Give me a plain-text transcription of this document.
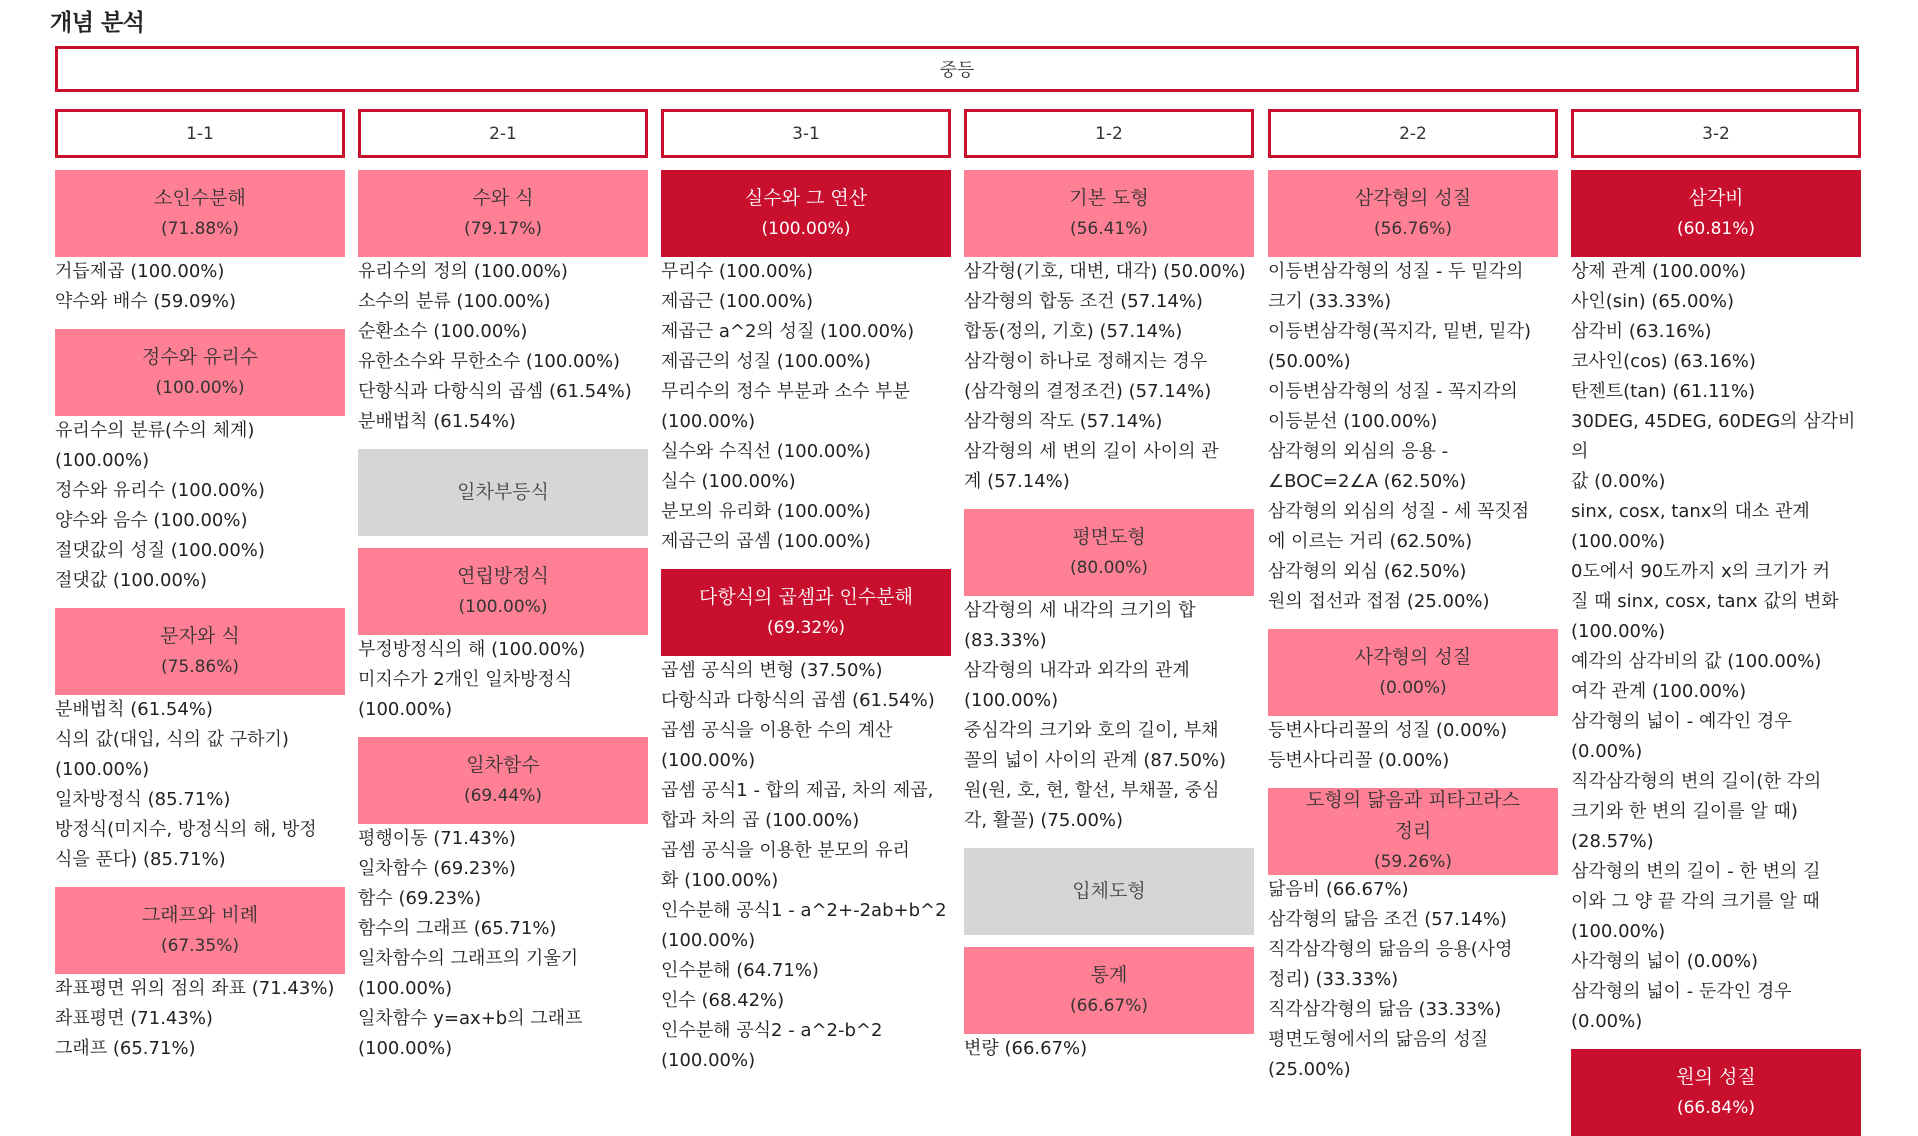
개념 분석
중등
1-1
소인수분해
(71.88%)
거듭제곱 (100.00%)
약수와 배수 (59.09%)
정수와 유리수
(100.00%)
유리수의 분류(수의 체계)
(100.00%)
정수와 유리수 (100.00%)
양수와 음수 (100.00%)
절댓값의 성질 (100.00%)
절댓값 (100.00%)
문자와 식
(75.86%)
분배법칙 (61.54%)
식의 값(대입, 식의 값 구하기)
(100.00%)
일차방정식 (85.71%)
방정식(미지수, 방정식의 해, 방정
식을 푼다) (85.71%)
그래프와 비례
(67.35%)
좌표평면 위의 점의 좌표 (71.43%)
좌표평면 (71.43%)
그래프 (65.71%)
2-1
수와 식
(79.17%)
유리수의 정의 (100.00%)
소수의 분류 (100.00%)
순환소수 (100.00%)
유한소수와 무한소수 (100.00%)
단항식과 다항식의 곱셈 (61.54%)
분배법칙 (61.54%)
일차부등식
연립방정식
(100.00%)
부정방정식의 해 (100.00%)
미지수가 2개인 일차방정식
(100.00%)
일차함수
(69.44%)
평행이동 (71.43%)
일차함수 (69.23%)
함수 (69.23%)
함수의 그래프 (65.71%)
일차함수의 그래프의 기울기
(100.00%)
일차함수 y=ax+b의 그래프
(100.00%)
3-1
실수와 그 연산
(100.00%)
무리수 (100.00%)
제곱근 (100.00%)
제곱근 a^2의 성질 (100.00%)
제곱근의 성질 (100.00%)
무리수의 정수 부분과 소수 부분
(100.00%)
실수와 수직선 (100.00%)
실수 (100.00%)
분모의 유리화 (100.00%)
제곱근의 곱셈 (100.00%)
다항식의 곱셈과 인수분해
(69.32%)
곱셈 공식의 변형 (37.50%)
다항식과 다항식의 곱셈 (61.54%)
곱셈 공식을 이용한 수의 계산
(100.00%)
곱셈 공식1 - 합의 제곱, 차의 제곱,
합과 차의 곱 (100.00%)
곱셈 공식을 이용한 분모의 유리
화 (100.00%)
인수분해 공식1 - a^2+-2ab+b^2
(100.00%)
인수분해 (64.71%)
인수 (68.42%)
인수분해 공식2 - a^2-b^2
(100.00%)
1-2
기본 도형
(56.41%)
삼각형(기호, 대변, 대각) (50.00%)
삼각형의 합동 조건 (57.14%)
합동(정의, 기호) (57.14%)
삼각형이 하나로 정해지는 경우
(삼각형의 결정조건) (57.14%)
삼각형의 작도 (57.14%)
삼각형의 세 변의 길이 사이의 관
계 (57.14%)
평면도형
(80.00%)
삼각형의 세 내각의 크기의 합
(83.33%)
삼각형의 내각과 외각의 관계
(100.00%)
중심각의 크기와 호의 길이, 부채
꼴의 넓이 사이의 관계 (87.50%)
원(원, 호, 현, 할선, 부채꼴, 중심
각, 활꼴) (75.00%)
입체도형
통계
(66.67%)
변량 (66.67%)
2-2
삼각형의 성질
(56.76%)
이등변삼각형의 성질 - 두 밑각의
크기 (33.33%)
이등변삼각형(꼭지각, 밑변, 밑각)
(50.00%)
이등변삼각형의 성질 - 꼭지각의
이등분선 (100.00%)
삼각형의 외심의 응용 -
∠BOC=2∠A (62.50%)
삼각형의 외심의 성질 - 세 꼭짓점
에 이르는 거리 (62.50%)
삼각형의 외심 (62.50%)
원의 접선과 접점 (25.00%)
사각형의 성질
(0.00%)
등변사다리꼴의 성질 (0.00%)
등변사다리꼴 (0.00%)
도형의 닮음과 피타고라스
정리
(59.26%)
닮음비 (66.67%)
삼각형의 닮음 조건 (57.14%)
직각삼각형의 닮음의 응용(사영
정리) (33.33%)
직각삼각형의 닮음 (33.33%)
평면도형에서의 닮음의 성질
(25.00%)
3-2
삼각비
(60.81%)
상제 관계 (100.00%)
사인(sin) (65.00%)
삼각비 (63.16%)
코사인(cos) (63.16%)
탄젠트(tan) (61.11%)
30DEG, 45DEG, 60DEG의 삼각비의
값 (0.00%)
sinx, cosx, tanx의 대소 관계
(100.00%)
0도에서 90도까지 x의 크기가 커
질 때 sinx, cosx, tanx 값의 변화
(100.00%)
예각의 삼각비의 값 (100.00%)
여각 관계 (100.00%)
삼각형의 넓이 - 예각인 경우
(0.00%)
직각삼각형의 변의 길이(한 각의
크기와 한 변의 길이를 알 때)
(28.57%)
삼각형의 변의 길이 - 한 변의 길
이와 그 양 끝 각의 크기를 알 때
(100.00%)
사각형의 넓이 (0.00%)
삼각형의 넓이 - 둔각인 경우
(0.00%)
원의 성질
(66.84%)
